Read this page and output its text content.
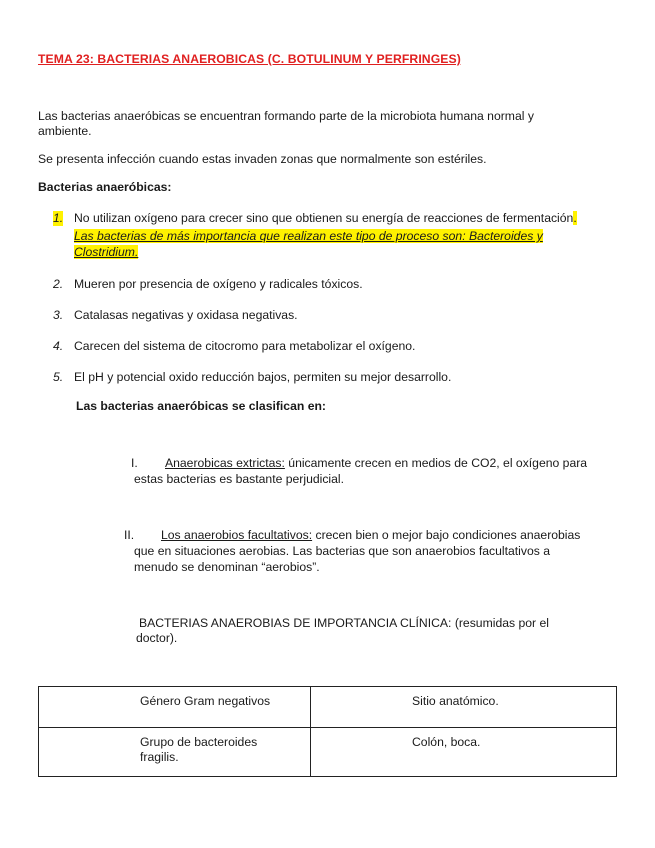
TEMA 23: BACTERIAS ANAEROBICAS (C. BOTULINUM Y PERFRINGES)
Las bacterias anaeróbicas se encuentran formando parte de la microbiota humana normal y
ambiente.
Se presenta infección cuando estas invaden zonas que normalmente son estériles.
Bacterias anaeróbicas:
1. No utilizan oxígeno para crecer sino que obtienen su energía de reacciones de fermentación.
Las bacterias de más importancia que realizan este tipo de proceso son: Bacteroides y
Clostridium.
2. Mueren por presencia de oxígeno y radicales tóxicos.
3. Catalasas negativas y oxidasa negativas.
4. Carecen del sistema de citocromo para metabolizar el oxígeno.
5. El pH y potencial oxido reducción bajos, permiten su mejor desarrollo.
Las bacterias anaeróbicas se clasifican en:
I. Anaerobicas extrictas: únicamente crecen en medios de CO2, el oxígeno para
estas bacterias es bastante perjudicial.
II. Los anaerobios facultativos: crecen bien o mejor bajo condiciones anaerobias
que en situaciones aerobias. Las bacterias que son anaerobios facultativos a
menudo se denominan “aerobios”.
BACTERIAS ANAEROBIAS DE IMPORTANCIA CLÍNICA: (resumidas por el
doctor).
Género Gram negativos	Sitio anatómico.

Grupo de bacteroides
fragilis.	Colón, boca.
